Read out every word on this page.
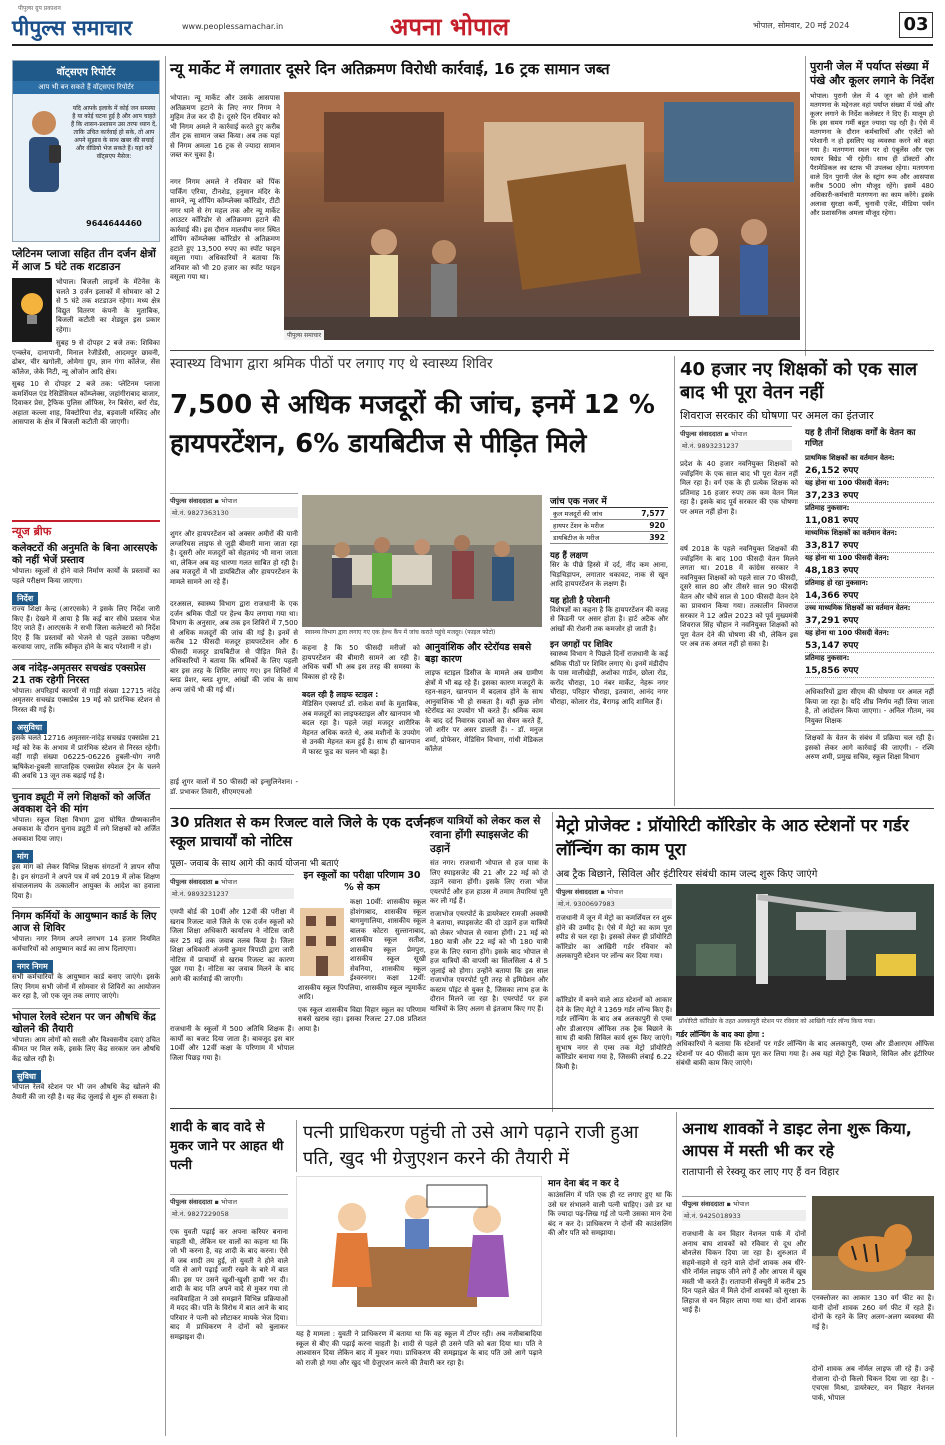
पीपुल्स समाचार
पीपुल्स ग्रुप प्रकाशन
www.peoplessamachar.in	अपना भोपाल	भोपाल, सोमवार, 20 मई 2024	03
वॉट्सएप रिपोर्टर
आप भी बन सकते हैं वॉट्सएप रिपोर्टर
यदि आपके इलाके में कोई जन समस्या है या कोई घटना हुई है और आप चाहते हैं कि शासन-प्रशासन उस तरफ ध्यान दें, ताकि उचित कार्रवाई हो सके, तो आप अपने सुझाव के साथ खबर की सचाई और वीडियो भेज सकते हैं। यहां करें वॉट्सएप मैसेज:
9644644460
प्लेटिनम प्लाजा सहित तीन दर्जन क्षेत्रों में आज 5 घंटे तक शटडाउन
भोपाल। बिजली लाइनों के मेंटेनेंस के चलते 3 दर्जन इलाकों में सोमवार को 2 से 5 घंटे तक शटडाउन रहेगा। मध्य क्षेत्र विद्युत वितरण कंपनी के मुताबिक, बिजली कटौती का शेड्यूल इस प्रकार रहेगा।
सुबह 9 से दोपहर 2 बजे तक: शिविका एन्क्लेव, दानापानी, मिनाल रेजीडेंसी, आदमपुर छावनी, ढोबर, चीर खगोली, ओमेगा ग्रुप, ज्ञान गंगा कॉलेज, सेंस कॉलेज, जेके निटी, न्यू ओजोन आदि क्षेत्र।
सुबह 10 से दोपहर 2 बजे तक: प्लेटिनम प्लाजा कमर्शियल एंड रेसिडेंसियल कॉम्प्लेक्स, जहांगीराबाद बाजार, दिवाकर प्रेस, ट्रैफिक पुलिस ऑफिस, रेन बिसेरा, बर्रा रोड, अहाता कल्ला शाह, विक्टोरिया रोड, बड़वाली मस्जिद और आसपास के क्षेत्र में बिजली कटौती की जाएगी।
न्यूज ब्रीफ
कलेक्टरों की अनुमति के बिना आरसएके को नहीं भेजें प्रस्ताव
भोपाल। स्कूलों से होने वाले निर्माण कार्यों के प्रस्तावों का पहले परीक्षण किया जाएगा।
निर्देश
राज्य शिक्षा केन्द्र (आरएसके) ने इसके लिए निर्देश जारी किए हैं। देखने में आया है कि कई बार सीधे प्रस्ताव भेज दिए जाते हैं। आरएसके ने सभी जिला कलेक्टरों को निर्देश दिए हैं कि प्रस्तावों को भेजने से पहले उसका परीक्षण करवाया जाए, ताकि स्वीकृत होने के बाद परेशानी न हो।
अब नांदेड़-अमृतसर सचखंड एक्सप्रेस 21 तक रहेगी निरस्त
भोपाल। अपरिहार्य कारणों से गाड़ी संख्या 12715 नांदेड़ अमृतसर सचखंड एक्सप्रेस 19 मई को प्रारंभिक स्टेशन से निरस्त की गई है।
असुविधा
इसके चलते 12716 अमृतसर-नांदेड़ सचखंड एक्सप्रेस 21 मई को रेक के अभाव में प्रारंभिक स्टेशन से निरस्त रहेगी। वहीं गाड़ी संख्या 06225-06226 हुबली-योग नगरी ऋषिकेश-हुबली साप्ताहिक एक्सप्रेस स्पेशल ट्रेन के चलने की अवधि 13 जून तक बढ़ाई गई है।
चुनाव ड्यूटी में लगे शिक्षकों को अर्जित अवकाश देने की मांग
भोपाल। स्कूल शिक्षा विभाग द्वारा घोषित ग्रीष्मकालीन अवकाश के दौरान चुनाव ड्यूटी में लगे शिक्षकों को अर्जित अवकाश दिया जाए।
मांग
इस मांग को लेकर विभिन्न शिक्षक संगठनों ने ज्ञापन सौंपा है। इन संगठनों ने अपने पत्र में वर्ष 2019 में लोक शिक्षण संचालनालय के तत्कालीन आयुक्त के आदेश का हवाला दिया है।
निगम कर्मियों के आयुष्मान कार्ड के लिए आज से शिविर
भोपाल। नगर निगम अपने लगभग 14 हजार नियमित कर्मचारियों को आयुष्मान कार्ड का लाभ दिलाएगा।
नगर निगम
सभी कर्मचारियों के आयुष्मान कार्ड बनाए जाएंगे। इसके लिए निगम सभी जोनों में सोमवार से शिविरों का आयोजन कर रहा है, जो एक जून तक लगाए जाएंगे।
भोपाल रेलवे स्टेशन पर जन औषधि केंद्र खोलने की तैयारी
भोपाल। आम लोगों को सस्ती और विश्वसनीय दवाएं उचित कीमत पर मिल सकें, इसके लिए केंद्र सरकार जन औषधि केंद्र खोल रही है।
सुविधा
भोपाल रेलवे स्टेशन पर भी जन औषधि केंद्र खोलने की तैयारी की जा रही है। यह केंद्र जुलाई से शुरू हो सकता है।
न्यू मार्केट में लगातार दूसरे दिन अतिक्रमण विरोधी कार्रवाई, 16 ट्रक सामान जब्त
भोपाल। न्यू मार्केट और उसके आसपास अतिक्रमण हटाने के लिए नगर निगम ने मुहिम तेज कर दी है। दूसरे दिन रविवार को भी निगम अमले ने कार्रवाई करते हुए करीब तीन ट्रक सामान जब्त किया। अब तक यहां से निगम अमला 16 ट्रक से ज्यादा सामान जब्त कर चुका है।
नगर निगम अमले ने रविवार को पिंक पार्किंग एरिया, टीनशेड, हनुमान मंदिर के सामने, न्यू शॉपिंग कॉम्प्लेक्स कॉरिडोर, टीटी नगर थाने से रंग महल तक और न्यू मार्केट आउटर कॉरिडोर से अतिक्रमण हटाने की कार्रवाई की। इस दौरान मालवीय नगर स्थित शॉपिंग कॉम्प्लेक्स कॉरिडोर से अतिक्रमण हटाते हुए 13,500 रुपए का स्पॉट फाइन वसूला गया। अधिकारियों ने बताया कि शनिवार को भी 20 हजार का स्पॉट फाइन वसूला गया था।
पीपुल्स समाचार
पुरानी जेल में पर्याप्त संख्या में पंखे और कूलर लगाने के निर्देश
भोपाल। पुरानी जेल में 4 जून को होने वाली मतगणना के मद्देनजर वहां पर्याप्त संख्या में पंखे और कूलर लगाने के निर्देश कलेक्टर ने दिए हैं। मालूम हो कि इस समय गर्मी बहुत ज्यादा पड़ रही है। ऐसे में मतगणना के दौरान कर्मचारियों और एजेंटों को परेशानी न हो इसलिए यह व्यवस्था करने को कहा गया है। मतगणना स्थल पर दो एंबुलेंस और एक फायर बिग्रेड भी रहेगी। साथ ही डॉक्टरों और पैरामेडिकल का स्टाफ भी उपलब्ध रहेगा। मतगणना वाले दिन पुरानी जेल के स्ट्रांग रूम और आसपास करीब 5000 लोग मौजूद रहेंगे। इसमें 480 अधिकारी-कर्मचारी मतगणना का काम करेंगे। इसके अलावा सुरक्षा कर्मी, चुनावी एजेंट, मीडिया पर्सन और प्रशासनिक अमला मौजूद रहेगा।
स्वास्थ्य विभाग द्वारा श्रमिक पीठों पर लगाए गए थे स्वास्थ्य शिविर
7,500 से अधिक मजदूरों की जांच, इनमें 12 % हायपरटेंशन, 6% डायबिटीज से पीड़ित मिले
पीपुल्स संवाददाता ▪ भोपाल
मो.नं. 9827363130
शुगर और हायपरटेंशन को अक्सर अमीरों की यानी लग्जरियस लाइफ से जुड़ी बीमारी माना जाता रहा है। दूसरी ओर मजदूरों को सेहतमंद भी माना जाता था, लेकिन अब यह धारणा गलत साबित हो रही है। अब मजदूरों में भी डायबिटीज और हायपरटेंशन के मामले सामने आ रहे हैं।
दरअसल, स्वास्थ्य विभाग द्वारा राजधानी के एक दर्जन श्रमिक पीठों पर हेल्थ कैंप लगाया गया था। विभाग के अनुसार, अब तक इन शिविरों में 7,500 से अधिक मजदूरों की जांच की गई है। इनमें से करीब 12 फीसदी मजदूर हायपरटेंशन और 6 फीसदी मजदूर डायबिटीज से पीड़ित मिले हैं। अधिकारियों ने बताया कि श्रमिकों के लिए पहली बार इस तरह के शिविर लगाए गए। इन शिविरों में ब्लड प्रेशर, ब्लड शुगर, आंखों की जांच के साथ अन्य जांचें भी की गई थीं।
हाई शुगर वालों में 50 फीसदी को इन्सुलिनेशन। - डॉ. प्रभाकर तिवारी, सीएमएचओ
स्वास्थ्य विभाग द्वारा लगाए गए एक हेल्थ कैंप में जांच कराते पहुंचे मजदूर। (फाइल फोटो)
कहना है कि 50 फीसदी मरीजों को हायपरटेंशन की बीमारी सामने आ रही है। अधिक चर्बी भी अब इस तरह की समस्या के विकास हो रहे हैं।
बदल रही है लाइफ स्टाइल :
मेडिसिन एक्सपर्ट डॉ. राकेश वर्मा के मुताबिक, अब मजदूरों का लाइफस्टाइल और खानपान भी बदल रहा है। पहले जहां मजदूर शारीरिक मेहनत अधिक करते थे, अब मशीनों के उपयोग से उनकी मेहनत कम हुई है। साथ ही खानपान में फास्ट फूड का चलन भी बढ़ा है।
आनुवांशिक और स्टेरॉयड सबसे बड़ा कारण
लाइफ स्टाइल डिसीज के मामले अब ग्रामीण क्षेत्रों में भी बढ़ रहे हैं। इसका कारण मजदूरों के रहन-सहन, खानपान में बदलाव होने के साथ आनुवांशिक भी हो सकता है। वहीं कुछ लोग स्टेरॉयड का उपयोग भी करते हैं। श्रमिक काम के बाद दर्द निवारक दवाओं का सेवन करते हैं, जो शरीर पर असर डालती हैं। - डॉ. मनुज शर्मा, प्रोफेसर, मेडिसिन विभाग, गांधी मेडिकल कॉलेज
जांच एक नजर में
कुल मजदूरों की जांच	7,577
हायपर टेंशन के मरीज	920
डायबिटीज के मरीज	392
यह हैं लक्षण
सिर के पीछे हिस्से में दर्द, नींद कम आना, चिड़चिड़ापन, लगातार थकावट, नाक से खून आदि हायपरटेंशन के लक्षण हैं।
यह होती है परेशानी
विशेषज्ञों का कहना है कि हायपरटेंशन की वजह से किडनी पर असर होता है। हार्ट अटैक और आंखों की रोशनी तक कमजोर हो जाती है।
इन जगहों पर शिविर
स्वास्थ्य विभाग ने पिछले दिनों राजधानी के कई श्रमिक पीठों पर शिविर लगाए थे। इनमें मंडीदीप के पास मालीखेड़ी, अशोका गार्डन, छोला रोड, करोंद चौराहा, 10 नंबर मार्केट, नेहरू नगर चौराहा, परिहार चौराहा, इतवारा, आनंद नगर चौराहा, कोलार रोड, बैरागढ़ आदि शामिल हैं।
40 हजार नए शिक्षकों को एक साल बाद भी पूरा वेतन नहीं
शिवराज सरकार की घोषणा पर अमल का इंतजार
पीपुल्स संवाददाता ▪ भोपाल
मो.नं. 9893231237
प्रदेश के 40 हजार नवनियुक्त शिक्षकों को ज्वॉइनिंग के एक साल बाद भी पूरा वेतन नहीं मिल रहा है। वर्ग एक के ही प्रत्येक शिक्षक को प्रतिमाह 16 हजार रुपए तक कम वेतन मिल रहा है। इसके बाद पूर्व सरकार की एक घोषणा पर अमल नहीं होना है।
वर्ष 2018 के पहले नवनियुक्त शिक्षकों की ज्वॉइनिंग के बाद 100 फीसदी वेतन मिलने लगता था। 2018 में कांग्रेस सरकार ने नवनियुक्त शिक्षकों को पहले साल 70 फीसदी, दूसरे साल 80 और तीसरे साल 90 फीसदी वेतन और चौथे साल से 100 फीसदी वेतन देने का प्रावधान किया गया। तत्कालीन शिवराज सरकार ने 12 अप्रैल 2023 को पूर्व मुख्यमंत्री शिवराज सिंह चौहान ने नवनियुक्त शिक्षकों को पूरा वेतन देने की घोषणा की थी, लेकिन इस पर अब तक अमल नहीं हो सका है।
यह है तीनों शिक्षक वर्गों के वेतन का गणित
प्राथमिक शिक्षकों का वर्तमान वेतन:
26,152 रुपए
यह होना था 100 फीसदी वेतन:
37,233 रुपए
प्रतिमाह नुकसान:
11,081 रुपए
माध्यमिक शिक्षकों का वर्तमान वेतन:
33,817 रुपए
यह होना था 100 फीसदी वेतन:
48,183 रुपए
प्रतिमाह हो रहा नुकसान:
14,366 रुपए
उच्च माध्यमिक शिक्षकों का वर्तमान वेतन:
37,291 रुपए
यह होना था 100 फीसदी वेतन:
53,147 रुपए
प्रतिमाह नुकसान:
15,856 रुपए
अधिकारियों द्वारा सीएम की घोषणा पर अमल नहीं किया जा रहा है। यदि शीघ्र निर्णय नहीं लिया जाता है, तो आंदोलन किया जाएगा। - अनिल गौतम, नव नियुक्त शिक्षक
शिक्षकों के वेतन के संबंध में प्रक्रिया चल रही है। इसको लेकर आगे कार्रवाई की जाएगी। - रश्मि अरुण शमी, प्रमुख सचिव, स्कूल शिक्षा विभाग
30 प्रतिशत से कम रिजल्ट वाले जिले के एक दर्जन स्कूल प्राचार्यों को नोटिस
पूछा- जवाब के साथ आगे की कार्य योजना भी बताएं
पीपुल्स संवाददाता ▪ भोपाल
मो.नं. 9893231237
एमपी बोर्ड की 10वीं और 12वीं की परीक्षा में खराब रिजल्ट वाले जिले के एक दर्जन स्कूलों को जिला शिक्षा अधिकारी कार्यालय ने नोटिस जारी कर 25 मई तक जवाब तलब किया है। जिला शिक्षा अधिकारी अंजनी कुमार त्रिपाठी द्वारा जारी नोटिस में प्राचार्यों से खराब रिजल्ट का कारण पूछा गया है। नोटिस का जवाब मिलने के बाद आगे की कार्रवाई की जाएगी।
राजधानी के स्कूलों में 500 अतिथि शिक्षक हैं। कार्यों का बजट दिया जाता है। बावजूद इस बार 10वीं और 12वीं कक्षा के परिणाम में भोपाल जिला पिछड़ गया है।
इन स्कूलों का परीक्षा परिणाम 30 % से कम
कक्षा 10वीं: शासकीय स्कूल होशंगाबाद, शासकीय स्कूल बागमुगालिया, शासकीय स्कूल बालक कोटरा सुल्तानाबाद, शासकीय स्कूल सतीश, शासकीय स्कूल प्रेमपुरा, शासकीय स्कूल सूखी सेवनिया, शासकीय स्कूल ईश्वरनगर। कक्षा 12वीं: शासकीय स्कूल पिपलिया, शासकीय स्कूल न्यूमार्केट आदि।
एक स्कूल शासकीय विद्या विहार स्कूल का परिणाम सबसे खराब रहा। इसका रिजल्ट 27.08 प्रतिशत आया है।
हज यात्रियों को लेकर कल से रवाना होंगी स्पाइसजेट की उड़ानें
संत नगर। राजधानी भोपाल से हज यात्रा के लिए स्पाइसजेट की 21 और 22 मई को दो उड़ानें रवाना होंगी। इसके लिए राजा भोज एयरपोर्ट और हज हाउस में तमाम तैयारियां पूरी कर ली गई हैं।
राजाभोज एयरपोर्ट के डायरेक्टर रामजी अवस्थी ने बताया, स्पाइसजेट की दो उड़ानें हज यात्रियों को लेकर भोपाल से रवाना होंगी। 21 मई को 180 यात्री और 22 मई को भी 180 यात्री हज के लिए रवाना होंगे। इसके बाद भोपाल से हज यात्रियों की वापसी का सिलसिला 4 से 5 जुलाई को होगा। उन्होंने बताया कि इस साल राजाभोज एयरपोर्ट पूरी तरह से इमिग्रेशन और कस्टम पॉइंट से युक्त है, जिसका लाभ हज के दौरान मिलने जा रहा है। एयरपोर्ट पर हज यात्रियों के लिए अलग से इंतजाम किए गए हैं।
मेट्रो प्रोजेक्ट : प्रॉयोरिटी कॉरिडोर के आठ स्टेशनों पर गर्डर लॉन्चिंग का काम पूरा
अब ट्रैक बिछाने, सिविल और इंटीरियर संबंधी काम जल्द शुरू किए जाएंगे
पीपुल्स संवाददाता ▪ भोपाल
मो.नं. 9300697983
राजधानी में जून में मेट्रो का कमर्शियल रन शुरू होने की उम्मीद है। ऐसे में मेट्रो का काम पूरा स्पीड से चल रहा है। इसको लेकर ही प्रॉयोरिटी कॉरिडोर का आखिरी गर्डर रविवार को अलकापुरी स्टेशन पर लॉन्च कर दिया गया।
कॉरिडोर में बनने वाले आठ स्टेशनों को आकार देने के लिए मेट्रो ने 1369 गर्डर लॉन्च किए हैं। गर्डर लॉन्चिंग के बाद अब अलकापुरी से एम्स और डीआरएम ऑफिस तक ट्रैक बिछाने के साथ ही बाकी सिविल कार्य शुरू किए जाएंगे। सुभाष नगर से एम्स तक मेट्रो प्रॉयोरिटी कॉरिडोर बनाया गया है, जिसकी लंबाई 6.22 किमी है।
प्रॉयोरिटी कॉरिडोर के तहत अलकापुरी स्टेशन पर रविवार को आखिरी गर्डर लॉन्च किया गया।
गर्डर लॉन्चिंग के बाद क्या होगा :
अधिकारियों ने बताया कि स्टेशनों पर गर्डर लॉन्चिंग के बाद अलकापुरी, एम्स और डीआरएम ऑफिस स्टेशनों पर 40 फीसदी काम पूरा कर लिया गया है। अब यहां मेट्रो ट्रैक बिछाने, सिविल और इंटीरियर संबंधी बाकी काम किए जाएंगे।
शादी के बाद वादे से मुकर जाने पर आहत थी पत्नी
पीपुल्स संवाददाता ▪ भोपाल
मो.नं. 9827229058
एक युवती पढ़ाई कर अपना करियर बनाना चाहती थी, लेकिन घर वालों का कहना था कि जो भी करना है, वह शादी के बाद करना। ऐसे में जब शादी तय हुई, तो युवती ने होने वाले पति से आगे पढ़ाई जारी रखने के बारे में बात की। इस पर उसने खुशी-खुशी हामी भर दी। शादी के बाद पति अपने वादे से मुकर गया तो नवविवाहिता ने उसे समझाने विभिन्न प्रक्रियाओं में मदद की। पति के विरोध में बात आने के बाद परिवार ने पत्नी को लौटाकर मायके भेज दिया। बाद में प्राधिकरण ने दोनों को बुलाकर समझाइश दी।
पत्नी प्राधिकरण पहुंची तो उसे आगे पढ़ाने राजी हुआ पति, खुद भी ग्रेजुएशन करने की तैयारी में
यह है मामला : युवती ने प्राधिकरण में बताया था कि वह स्कूल में टॉपर रही। अब नजीबाबादिया स्कूल से बीए की पढ़ाई करना चाहती है। शादी से पहले ही उसने पति को बता दिया था। पति ने आश्वासन दिया लेकिन बाद में मुकर गया। प्राधिकरण की समझाइश के बाद पति उसे आगे पढ़ाने को राजी हो गया और खुद भी ग्रेजुएशन करने की तैयारी कर रहा है।
मान देना बंद न कर दे
काउंसलिंग में पति एक ही रट लगाए हुए था कि उसे घर संभालने वाली पत्नी चाहिए। उसे डर था कि ज्यादा पढ़-लिख गई तो पत्नी उसका मान देना बंद न कर दे। प्राधिकरण ने दोनों की काउंसलिंग की और पति को समझाया।
अनाथ शावकों ने डाइट लेना शुरू किया, आपस में मस्ती भी कर रहे
रातापानी से रेस्क्यू कर लाए गए हैं वन विहार
पीपुल्स संवाददाता ▪ भोपाल
मो.नं. 9425018933
राजधानी के वन विहार नेशनल पार्क में दोनों अनाथ बाघ शावकों को रविवार से दूध और बोनलेस चिकन दिया जा रहा है। शुरुआत में सहमे-सहमे से रहने वाले दोनों शावक अब धीरे-धीरे नॉर्मल लाइफ जीने लगे हैं और आपस में खूब मस्ती भी करते हैं। रातापानी सेंक्चुरी में करीब 25 दिन पहले खेत में मिले दोनों शावकों को सुरक्षा के लिहाज से वन विहार लाया गया था। दोनों शावक भाई हैं।
एनक्लोजर का आकार 130 वर्ग फीट का है। यानी दोनों शावक 260 वर्ग फीट में रहते हैं। दोनों के रहने के लिए अलग-अलग व्यवस्था की गई है।
दोनों शावक अब नॉर्मल लाइफ जी रहे हैं। उन्हें रोजाना दो-दो किलो चिकन दिया जा रहा है। - एचएस मिश्रा, डायरेक्टर, वन विहार नेशनल पार्क, भोपाल
